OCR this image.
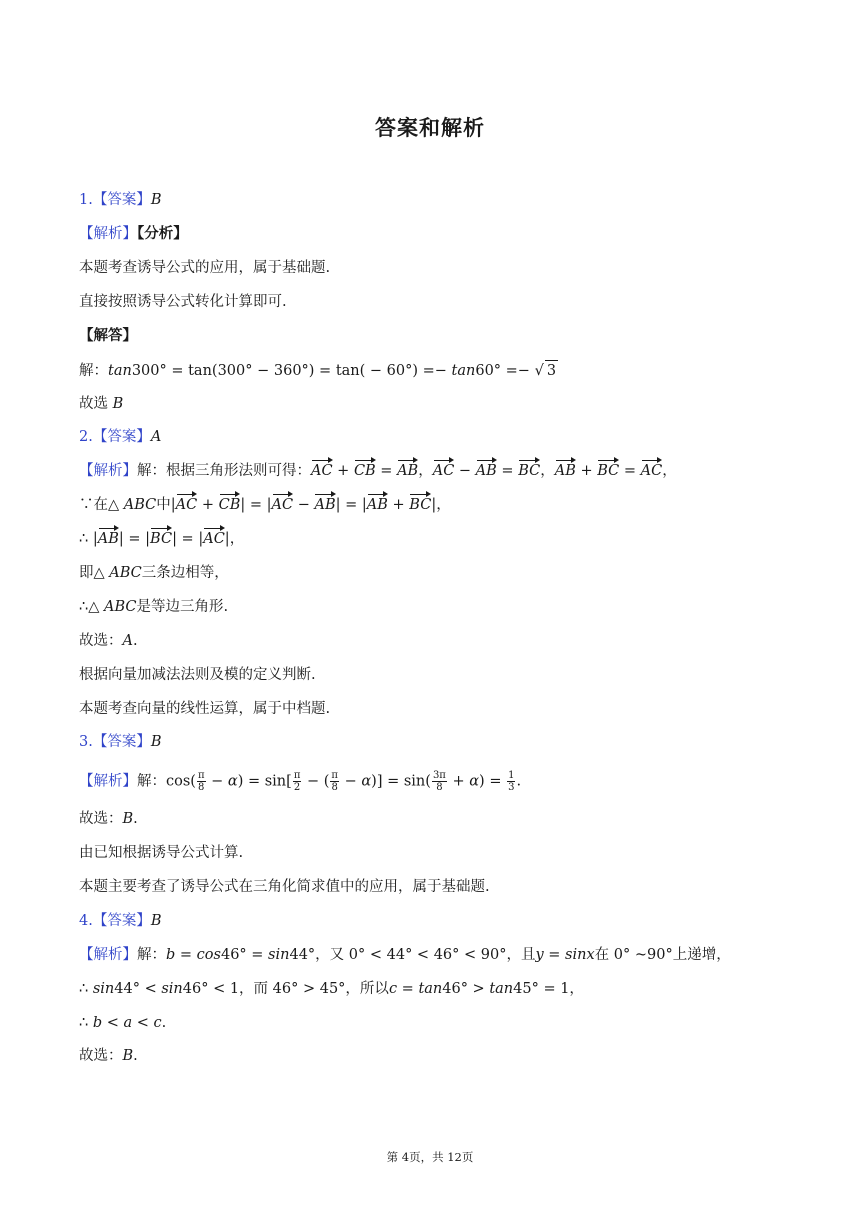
答案和解析
1.【答案】B
【解析】【分析】
本题考查诱导公式的应用，属于基础题.
直接按照诱导公式转化计算即可.
【解答】
解：tan300° = tan(300° − 360°) = tan( − 60°) =− tan60° =− √ 3
故选 B
2.【答案】A
【解析】解：根据三角形法则可得：AC + CB = AB，AC − AB = BC，AB + BC = AC，
∵在△ ABC中|AC + CB| = |AC − AB| = |AB + BC|，
∴ |AB| = |BC| = |AC|，
即△ ABC三条边相等，
∴△ ABC是等边三角形.
故选：A.
根据向量加减法法则及模的定义判断.
本题考查向量的线性运算，属于中档题.
3.【答案】B
【解析】解：$\cos( \frac{\pi}{8} - \alpha) = \sin[ \frac{\pi}{2}$ − ( $\frac{\pi}{8} - \alpha)] = \sin( \frac{3\pi}{8} + \alpha) = \frac{1}{3}$ .
故选：B.
由已知根据诱导公式计算.
本题主要考查了诱导公式在三角化简求值中的应用，属于基础题.
4.【答案】B
【解析】解：b = cos46° = sin44°，又 0° < 44° < 46° < 90°，且y = sinx在 0° ~90°上递增，
∴ sin44° < sin46° < 1，而 46° > 45°，所以c = tan46° > tan45° = 1，
∴ b < a < c.
故选：B.
第 4页，共 12页
